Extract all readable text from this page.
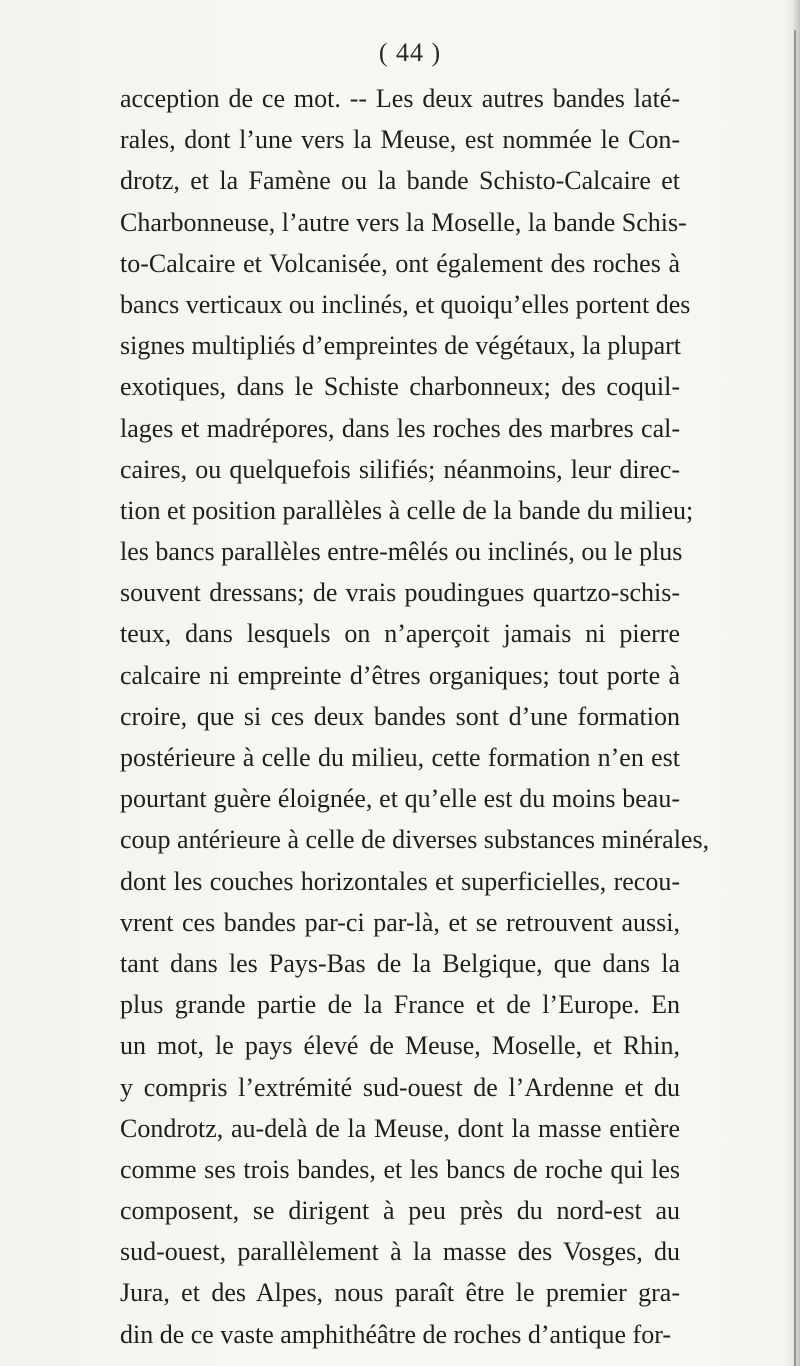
( 44 )
acception de ce mot. -- Les deux autres bandes laté-
rales, dont l’une vers la Meuse, est nommée le Con-
drotz, et la Famène ou la bande Schisto-Calcaire et
Charbonneuse, l’autre vers la Moselle, la bande Schis-
to-Calcaire et Volcanisée, ont également des roches à
bancs verticaux ou inclinés, et quoiqu’elles portent des
signes multipliés d’empreintes de végétaux, la plupart
exotiques, dans le Schiste charbonneux; des coquil-
lages et madrépores, dans les roches des marbres cal-
caires, ou quelquefois silifiés; néanmoins, leur direc-
tion et position parallèles à celle de la bande du milieu;
les bancs parallèles entre-mêlés ou inclinés, ou le plus
souvent dressans; de vrais poudingues quartzo-schis-
teux, dans lesquels on n’aperçoit jamais ni pierre
calcaire ni empreinte d’êtres organiques; tout porte à
croire, que si ces deux bandes sont d’une formation
postérieure à celle du milieu, cette formation n’en est
pourtant guère éloignée, et qu’elle est du moins beau-
coup antérieure à celle de diverses substances minérales,
dont les couches horizontales et superficielles, recou-
vrent ces bandes par-ci par-là, et se retrouvent aussi,
tant dans les Pays-Bas de la Belgique, que dans la
plus grande partie de la France et de l’Europe. En
un mot, le pays élevé de Meuse, Moselle, et Rhin,
y compris l’extrémité sud-ouest de l’Ardenne et du
Condrotz, au-delà de la Meuse, dont la masse entière
comme ses trois bandes, et les bancs de roche qui les
composent, se dirigent à peu près du nord-est au
sud-ouest, parallèlement à la masse des Vosges, du
Jura, et des Alpes, nous paraît être le premier gra-
din de ce vaste amphithéâtre de roches d’antique for-
